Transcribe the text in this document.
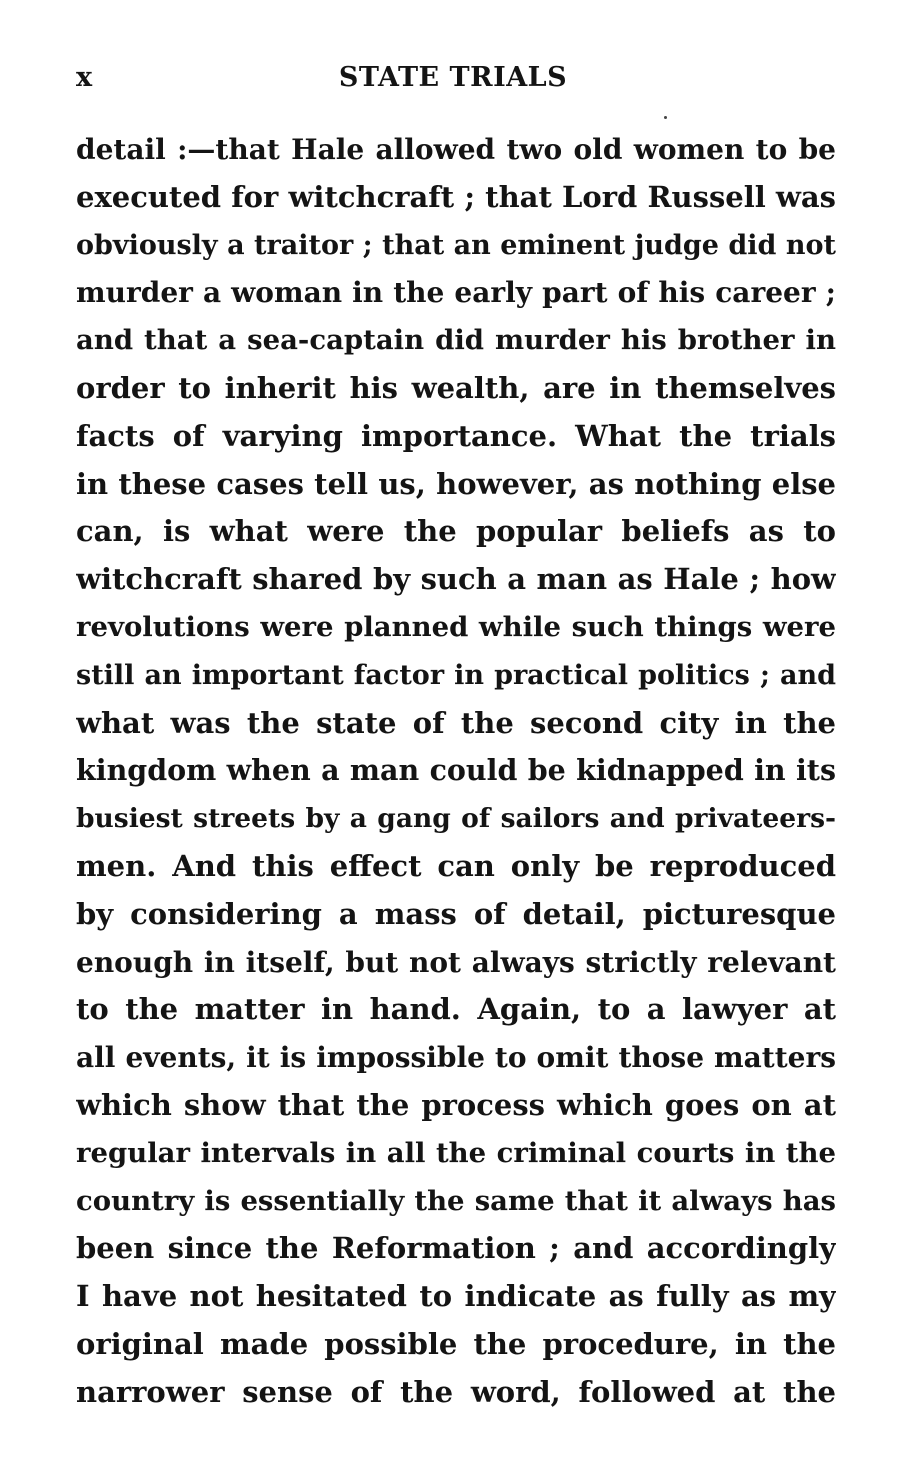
x	STATE TRIALS
detail :—that Hale allowed two old women to be
executed for witchcraft ; that Lord Russell was
obviously a traitor ; that an eminent judge did not
murder a woman in the early part of his career ;
and that a sea-captain did murder his brother in
order to inherit his wealth, are in themselves
facts of varying importance. What the trials
in these cases tell us, however, as nothing else
can, is what were the popular beliefs as to
witchcraft shared by such a man as Hale ; how
revolutions were planned while such things were
still an important factor in practical politics ; and
what was the state of the second city in the
kingdom when a man could be kidnapped in its
busiest streets by a gang of sailors and privateers-
men. And this effect can only be reproduced
by considering a mass of detail, picturesque
enough in itself, but not always strictly relevant
to the matter in hand. Again, to a lawyer at
all events, it is impossible to omit those matters
which show that the process which goes on at
regular intervals in all the criminal courts in the
country is essentially the same that it always has
been since the Reformation ; and accordingly
I have not hesitated to indicate as fully as my
original made possible the procedure, in the
narrower sense of the word, followed at the
